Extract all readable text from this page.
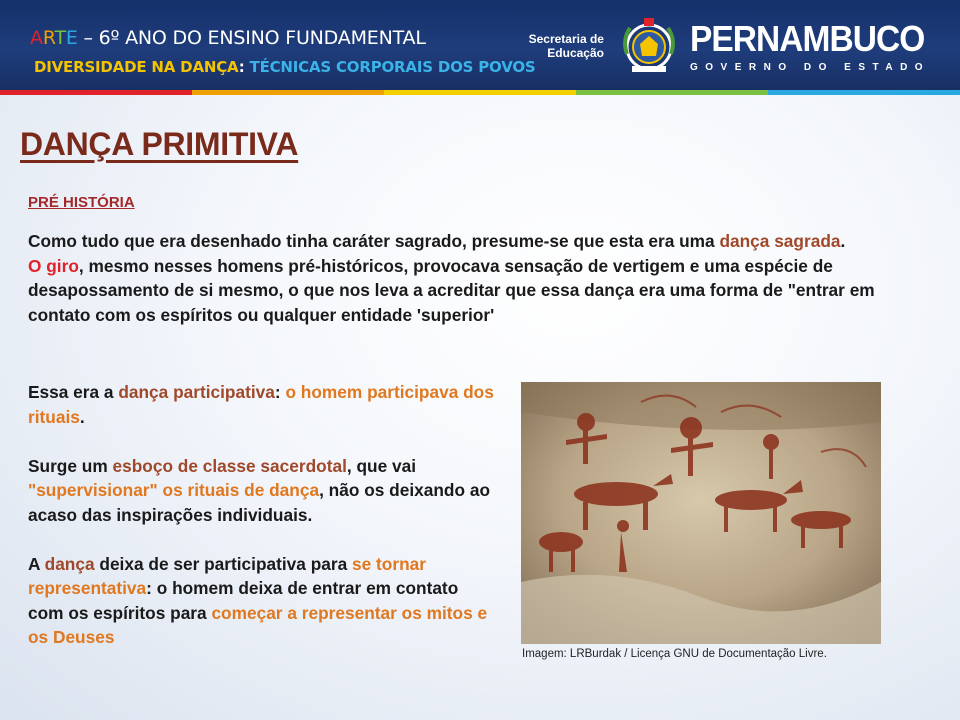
ARTE – 6º ANO DO ENSINO FUNDAMENTAL
DIVERSIDADE NA DANÇA: TÉCNICAS CORPORAIS DOS POVOS
Secretaria de
Educação PERNAMBUCO
GOVERNO DO ESTADO
DANÇA PRIMITIVA
PRÉ HISTÓRIA
Como tudo que era desenhado tinha caráter sagrado, presume-se que esta era uma dança sagrada.
O giro, mesmo nesses homens pré-históricos, provocava sensação de vertigem e uma espécie de desapossamento de si mesmo, o que nos leva a acreditar que essa dança era uma forma de "entrar em contato com os espíritos ou qualquer entidade 'superior'
Essa era a dança participativa: o homem participava dos rituais.
Surge um esboço de classe sacerdotal, que vai "supervisionar" os rituais de dança, não os deixando ao acaso das inspirações individuais.
A dança deixa de ser participativa para se tornar representativa: o homem deixa de entrar em contato com os espíritos para começar a representar os mitos e os Deuses
Imagem: LRBurdak / Licença GNU de Documentação Livre.
